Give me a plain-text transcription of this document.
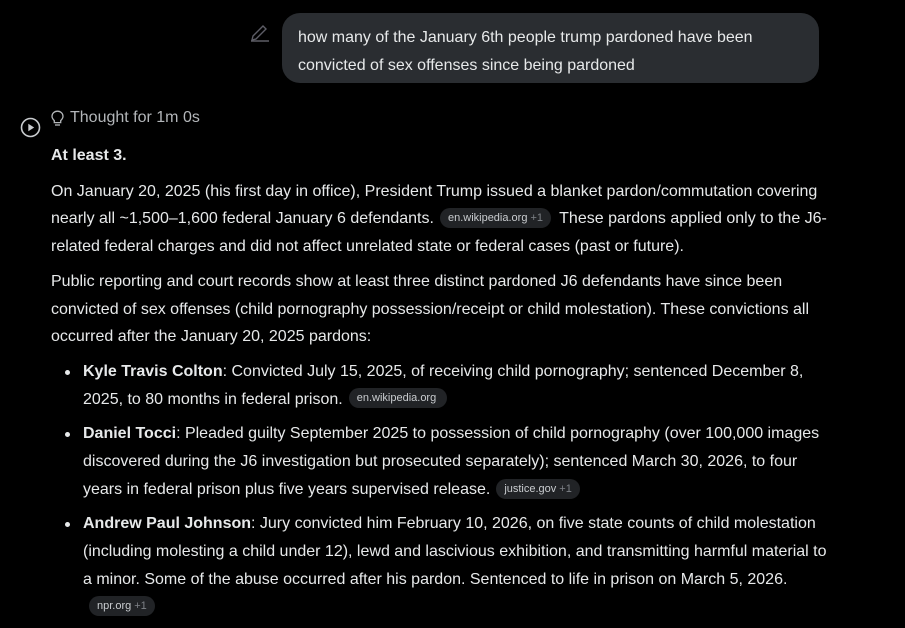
how many of the January 6th people trump pardoned have been convicted of sex offenses since being pardoned
Thought for 1m 0s

At least 3.

On January 20, 2025 (his first day in office), President Trump issued a blanket pardon/commutation covering nearly all ~1,500–1,600 federal January 6 defendants. en.wikipedia.org +1 These pardons applied only to the J6-related federal charges and did not affect unrelated state or federal cases (past or future).

Public reporting and court records show at least three distinct pardoned J6 defendants have since been convicted of sex offenses (child pornography possession/receipt or child molestation). These convictions all occurred after the January 20, 2025 pardons:

Kyle Travis Colton: Convicted July 15, 2025, of receiving child pornography; sentenced December 8, 2025, to 80 months in federal prison. en.wikipedia.org
Daniel Tocci: Pleaded guilty September 2025 to possession of child pornography (over 100,000 images discovered during the J6 investigation but prosecuted separately); sentenced March 30, 2026, to four years in federal prison plus five years supervised release. justice.gov +1
Andrew Paul Johnson: Jury convicted him February 10, 2026, on five state counts of child molestation (including molesting a child under 12), lewd and lascivious exhibition, and transmitting harmful material to a minor. Some of the abuse occurred after his pardon. Sentenced to life in prison on March 5, 2026.npr.org +1
